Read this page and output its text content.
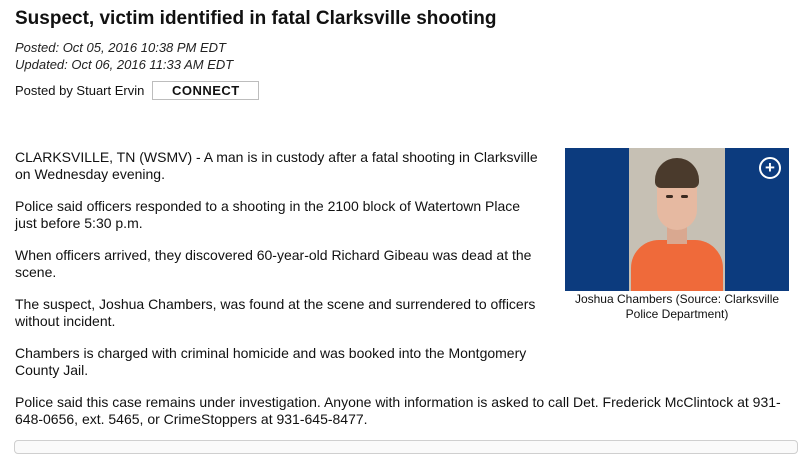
Suspect, victim identified in fatal Clarksville shooting
Posted: Oct 05, 2016 10:38 PM EDT
Updated: Oct 06, 2016 11:33 AM EDT
Posted by Stuart Ervin	CONNECT

CLARKSVILLE, TN (WSMV) - A man is in custody after a fatal shooting in Clarksville on Wednesday evening.

Police said officers responded to a shooting in the 2100 block of Watertown Place just before 5:30 p.m.

When officers arrived, they discovered 60-year-old Richard Gibeau was dead at the scene.

The suspect, Joshua Chambers, was found at the scene and surrendered to officers without incident.

Chambers is charged with criminal homicide and was booked into the Montgomery County Jail.

Police said this case remains under investigation. Anyone with information is asked to call Det. Frederick McClintock at 931-648-0656, ext. 5465, or CrimeStoppers at 931-645-8477.

+
Joshua Chambers (Source: Clarksville Police Department)
